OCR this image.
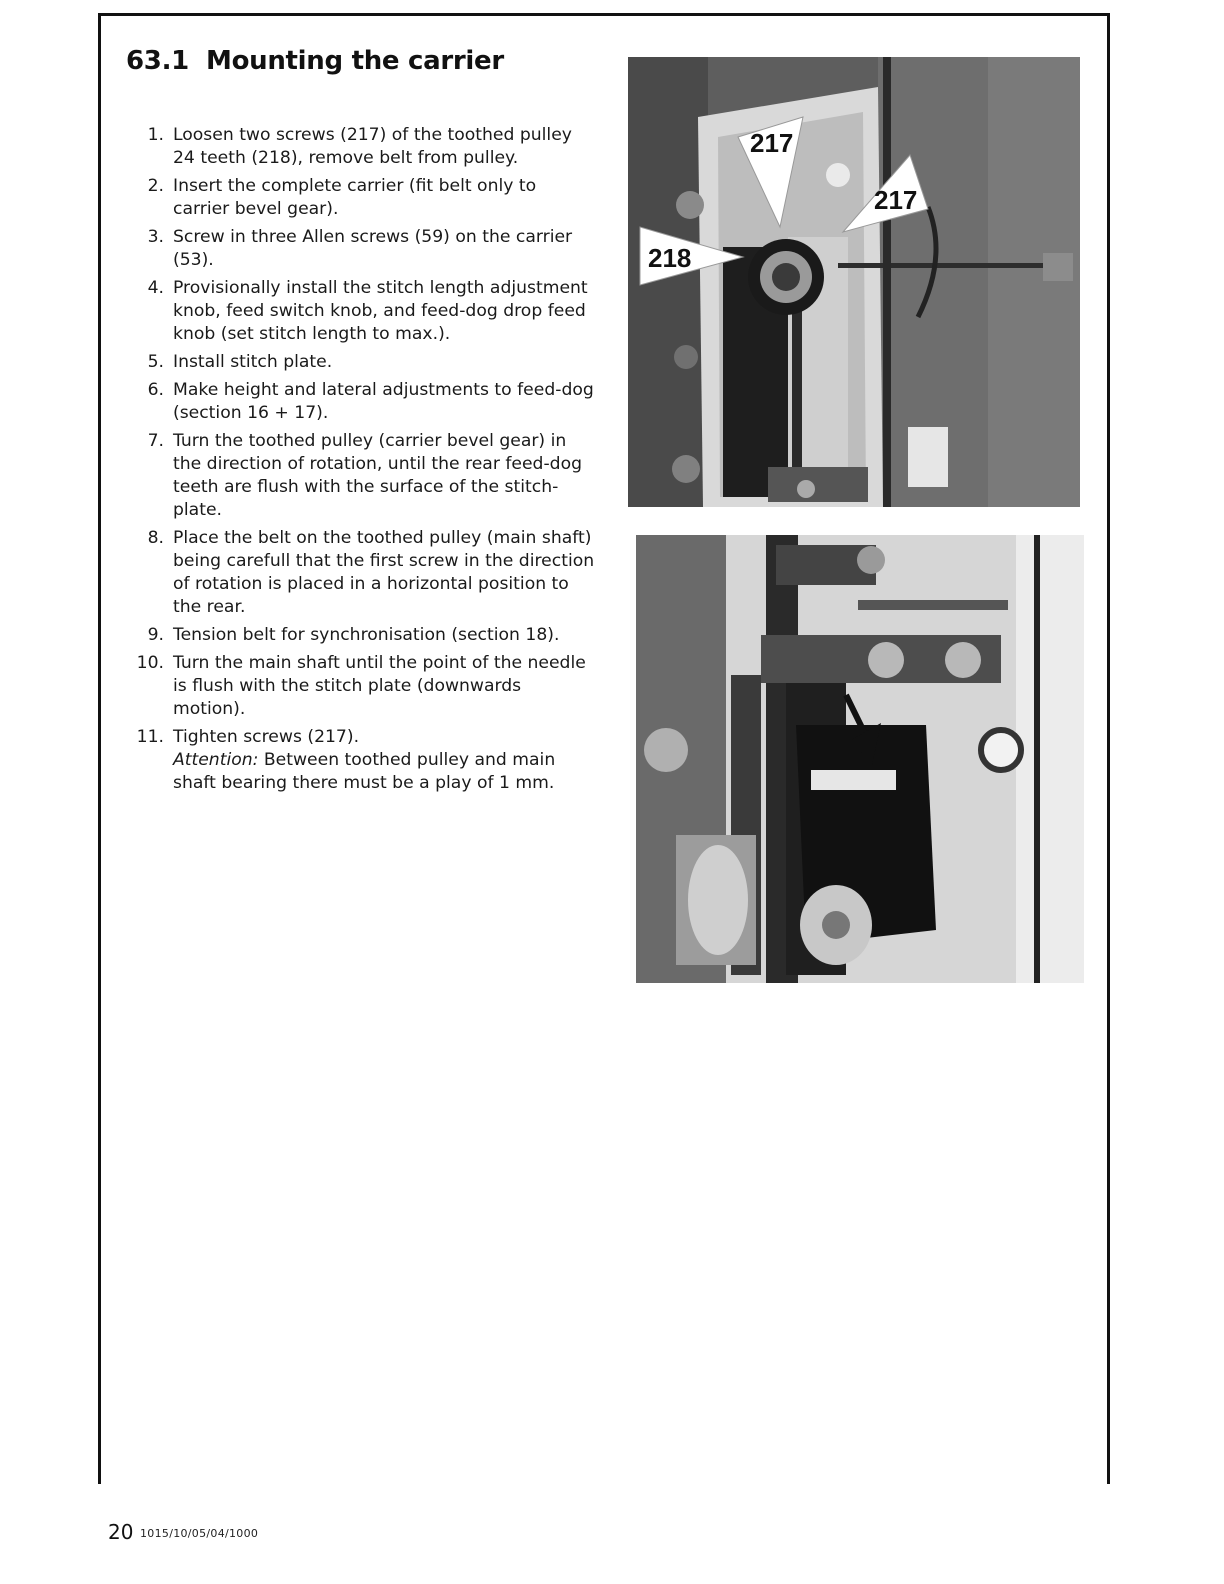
63.1 Mounting the carrier
1. Loosen two screws (217) of the toothed pulley 24 teeth (218), remove belt from pulley.
2. Insert the complete carrier (fit belt only to carrier bevel gear).
3. Screw in three Allen screws (59) on the carrier (53).
4. Provisionally install the stitch length adjustment knob, feed switch knob, and feed-dog drop feed knob (set stitch length to max.).
5. Install stitch plate.
6. Make height and lateral adjustments to feed-dog (section 16 + 17).
7. Turn the toothed pulley (carrier bevel gear) in the direction of rotation, until the rear feed-dog teeth are flush with the surface of the stitch-plate.
8. Place the belt on the toothed pulley (main shaft) being carefull that the first screw in the direction of rotation is placed in a horizontal position to the rear.
9. Tension belt for synchronisation (section 18).
10. Turn the main shaft until the point of the needle is flush with the stitch plate (downwards motion).
11. Tighten screws (217).
Attention: Between toothed pulley and main shaft bearing there must be a play of 1 mm.
217
217
218
20 1015/10/05/04/1000
